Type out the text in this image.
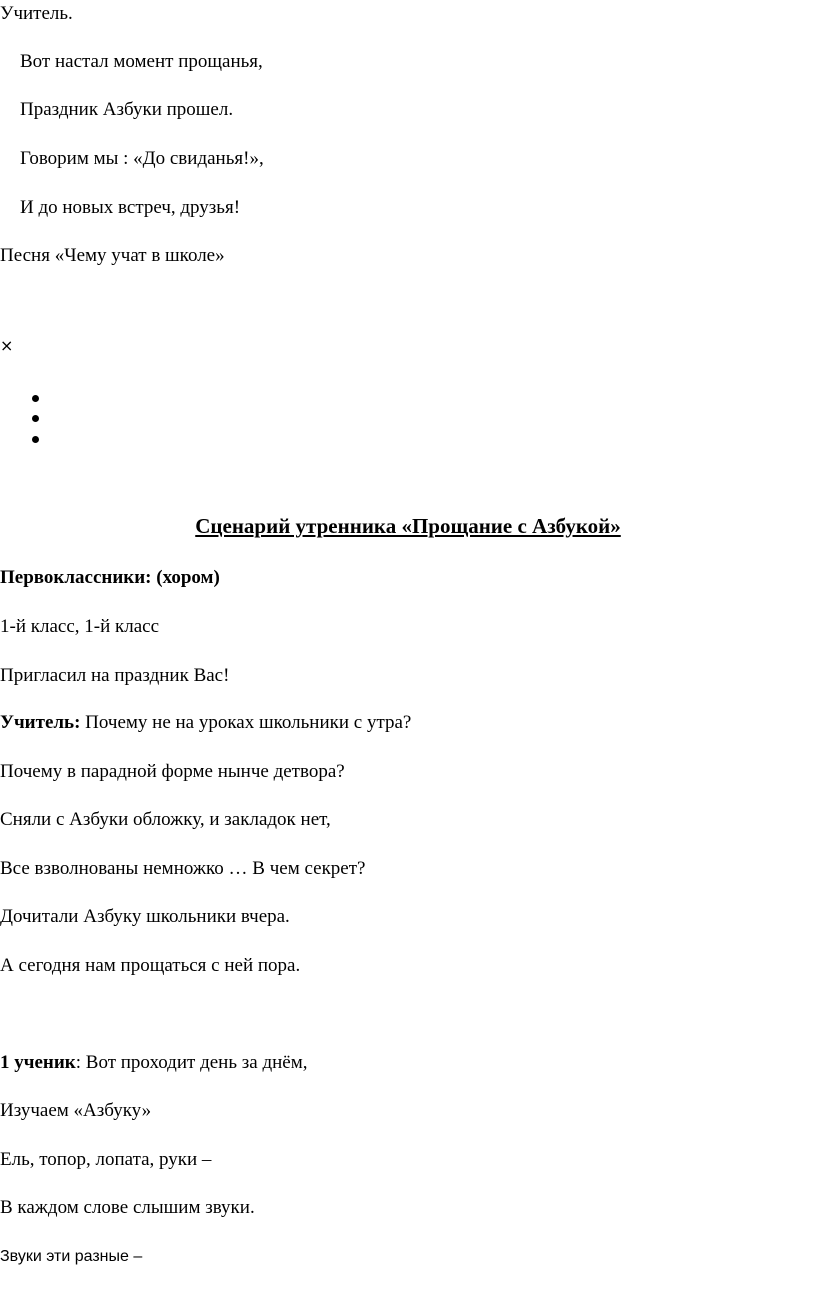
Учитель.
Вот настал момент прощанья,
Праздник Азбуки прошел.
Говорим мы : «До свиданья!»,
И до новых встреч, друзья!
Песня «Чему учат в школе»
×
Сценарий утренника «Прощание с Азбукой»
Первоклассники: (хором)
1-й класс, 1-й класс
Пригласил на праздник Вас!
Учитель: Почему не на уроках школьники с утра?
Почему в парадной форме нынче детвора?
Сняли с Азбуки обложку, и закладок нет,
Все взволнованы немножко … В чем секрет?
Дочитали Азбуку школьники вчера.
А сегодня нам прощаться с ней пора.
1 ученик: Вот проходит день за днём,
Изучаем «Азбуку»
Ель, топор, лопата, руки –
В каждом слове слышим звуки.
Звуки эти разные –
